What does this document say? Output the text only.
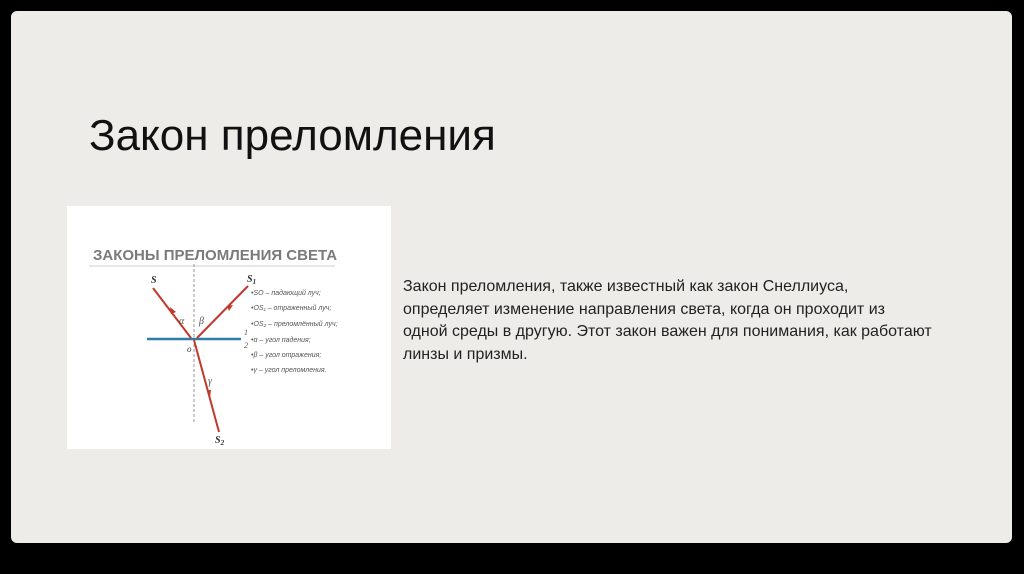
Закон преломления
ЗАКОНЫ ПРЕЛОМЛЕНИЯ СВЕТА
S	$S_1$
$S_2$
o
α β
γ
1
2
•SO – падающий луч;
•OS₁ – отраженный луч;
•OS₂ – преломлённый луч;
•α – угол падения;
•β – угол отражения;
•γ – угол преломления.

Закон преломления, также известный как закон Снеллиуса, определяет изменение направления света, когда он проходит из одной среды в другую. Этот закон важен для понимания, как работают линзы и призмы.
